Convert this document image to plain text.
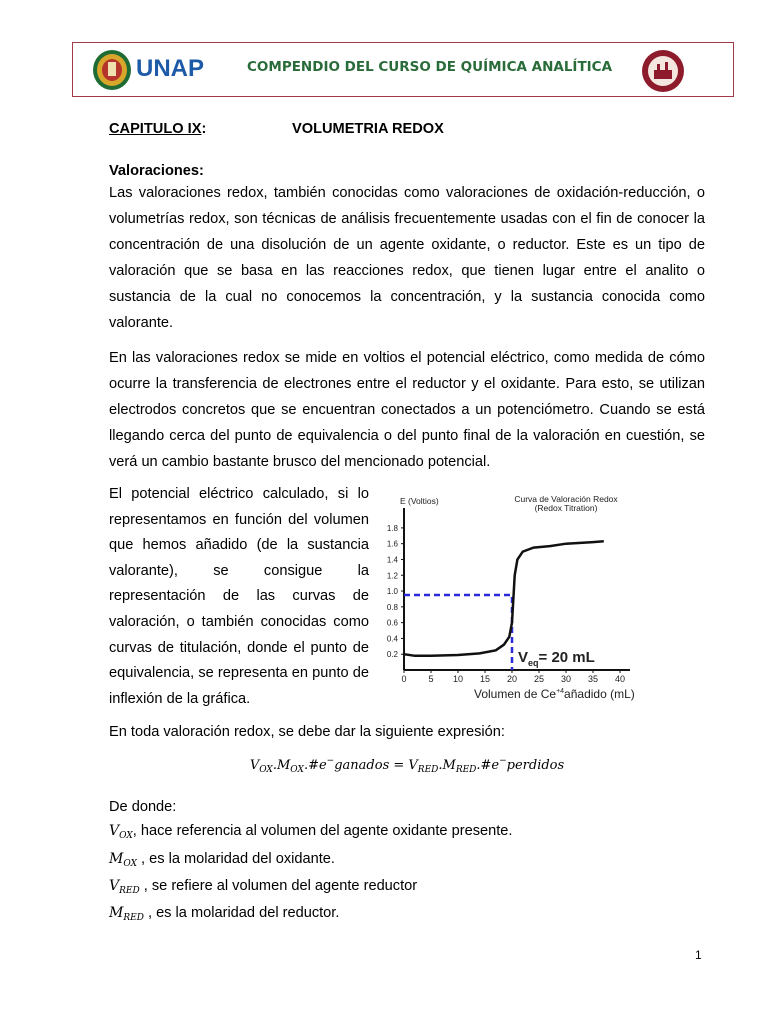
UNAP	COMPENDIO DEL CURSO DE QUÍMICA ANALÍTICA
CAPITULO IX:	VOLUMETRIA REDOX
Valoraciones:
Las valoraciones redox, también conocidas como valoraciones de oxidación-reducción, o volumetrías redox, son técnicas de análisis frecuentemente usadas con el fin de conocer la concentración de una disolución de un agente oxidante, o reductor. Este es un tipo de valoración que se basa en las reacciones redox, que tienen lugar entre el analito o sustancia de la cual no conocemos la concentración, y la sustancia conocida como valorante.
En las valoraciones redox se mide en voltios el potencial eléctrico, como medida de cómo ocurre la transferencia de electrones entre el reductor y el oxidante. Para esto, se utilizan electrodos concretos que se encuentran conectados a un potenciómetro. Cuando se está llegando cerca del punto de equivalencia o del punto final de la valoración en cuestión, se verá un cambio bastante brusco del mencionado potencial.
El potencial eléctrico calculado, si lo representamos en función del volumen que hemos añadido (de la sustancia valorante), se consigue la representación de las curvas de valoración, o también conocidas como curvas de titulación, donde el punto de equivalencia, se representa en punto de inflexión de la gráfica.
0.2
0.4
0.6
0.8
1.0
1.2
1.4
1.6
1.8
0 5 10 15 20 25 30 35 40
E (Voltios)	Curva de Valoración Redox
(Redox Titration)
Volumen de $Ce^{+4}añadido$ (mL)
$V_{eq}= 20$ mL
En toda valoración redox, se debe dar la siguiente expresión:
$V_{OX}.M_{OX}.\#e^-ganados$ = $V_{RED}.M_{RED}.\#e^-perdidos$
De donde:
$V_{OX}$, hace referencia al volumen del agente oxidante presente.
$M_{OX}$ , es la molaridad del oxidante.
$V_{RED}$ , se refiere al volumen del agente reductor
$M_{RED}$ , es la molaridad del reductor.
1
